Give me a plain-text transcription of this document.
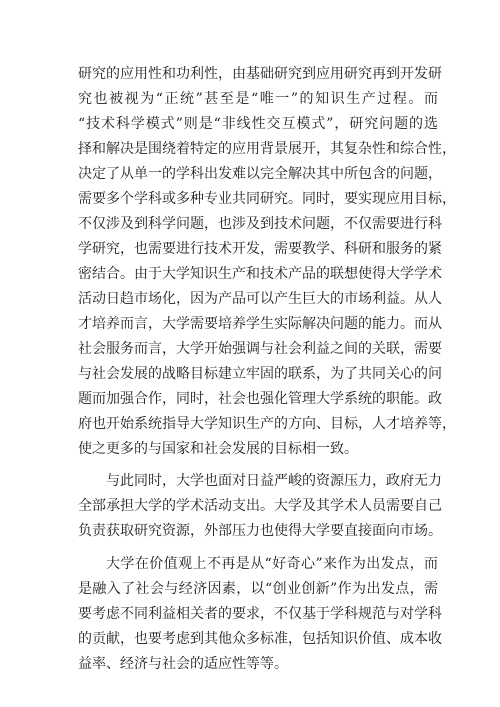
研究的应用性和功利性，由基础研究到应用研究再到开发研
究也被视为“正统”甚至是“唯一”的知识生产过程。而
“技术科学模式”则是“非线性交互模式”，研究问题的选
择和解决是围绕着特定的应用背景展开，其复杂性和综合性，
决定了从单一的学科出发难以完全解决其中所包含的问题，
需要多个学科或多种专业共同研究。同时，要实现应用目标，
不仅涉及到科学问题，也涉及到技术问题，不仅需要进行科
学研究，也需要进行技术开发，需要教学、科研和服务的紧
密结合。由于大学知识生产和技术产品的联想使得大学学术
活动日趋市场化，因为产品可以产生巨大的市场利益。从人
才培养而言，大学需要培养学生实际解决问题的能力。而从
社会服务而言，大学开始强调与社会利益之间的关联，需要
与社会发展的战略目标建立牢固的联系，为了共同关心的问
题而加强合作，同时，社会也强化管理大学系统的职能。政
府也开始系统指导大学知识生产的方向、目标，人才培养等，
使之更多的与国家和社会发展的目标相一致。
与此同时，大学也面对日益严峻的资源压力，政府无力
全部承担大学的学术活动支出。大学及其学术人员需要自己
负责获取研究资源，外部压力也使得大学要直接面向市场。
大学在价值观上不再是从“好奇心”来作为出发点，而
是融入了社会与经济因素，以“创业创新”作为出发点，需
要考虑不同利益相关者的要求，不仅基于学科规范与对学科
的贡献，也要考虑到其他众多标准，包括知识价值、成本收
益率、经济与社会的适应性等等。
